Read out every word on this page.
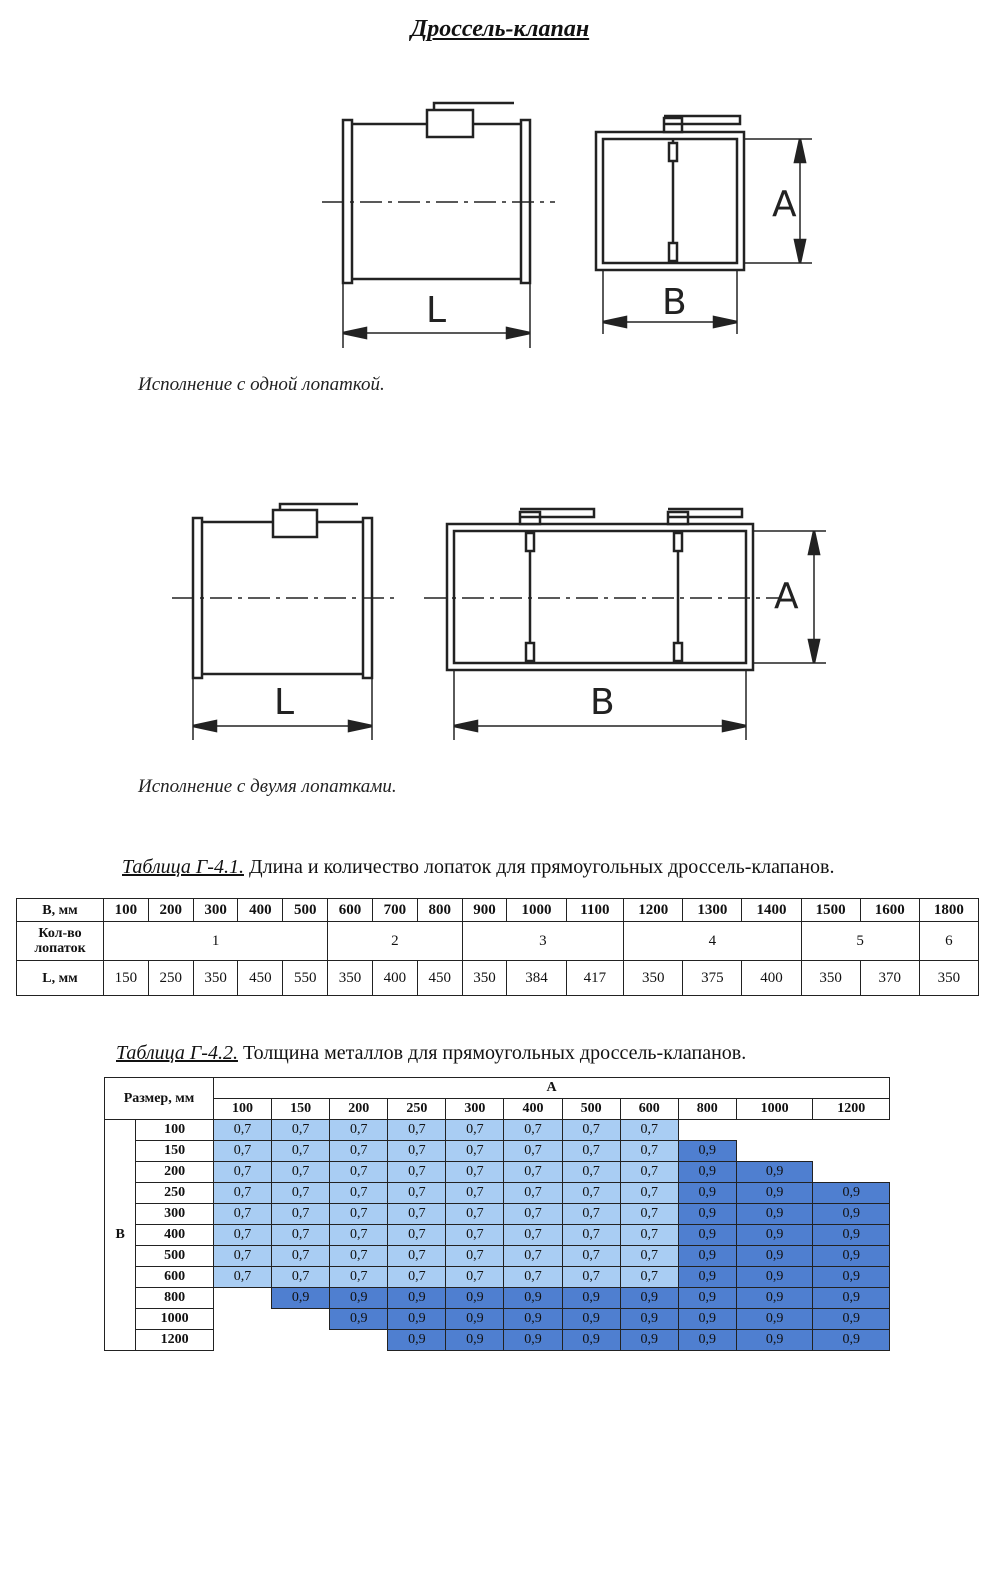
Дроссель-клапан
A
B
L
A
B
L
Исполнение с одной лопаткой.
Исполнение с двумя лопатками.
Таблица Г-4.1. Длина и количество лопаток для прямоугольных дроссель-клапанов.
B, мм	100	200	300	400	500	600	700	800	900	1000	1100	1200	1300	1400	1500	1600	1800
Кол-во лопаток	1					2			3			4			5		6
L, мм	150	250	350	450	550	350	400	450	350	384	417	350	375	400	350	370	350
Таблица Г-4.2. Толщина металлов для прямоугольных дроссель-клапанов.
Размер, мм		A										
		100	150	200	250	300	400	500	600	800	1000	1200
B	100	0,7	0,7	0,7	0,7	0,7	0,7	0,7	0,7			
	150	0,7	0,7	0,7	0,7	0,7	0,7	0,7	0,7	0,9		
	200	0,7	0,7	0,7	0,7	0,7	0,7	0,7	0,7	0,9	0,9	
	250	0,7	0,7	0,7	0,7	0,7	0,7	0,7	0,7	0,9	0,9	0,9
	300	0,7	0,7	0,7	0,7	0,7	0,7	0,7	0,7	0,9	0,9	0,9
	400	0,7	0,7	0,7	0,7	0,7	0,7	0,7	0,7	0,9	0,9	0,9
	500	0,7	0,7	0,7	0,7	0,7	0,7	0,7	0,7	0,9	0,9	0,9
	600	0,7	0,7	0,7	0,7	0,7	0,7	0,7	0,7	0,9	0,9	0,9
	800		0,9	0,9	0,9	0,9	0,9	0,9	0,9	0,9	0,9	0,9
	1000			0,9	0,9	0,9	0,9	0,9	0,9	0,9	0,9	0,9
	1200				0,9	0,9	0,9	0,9	0,9	0,9	0,9	0,9
